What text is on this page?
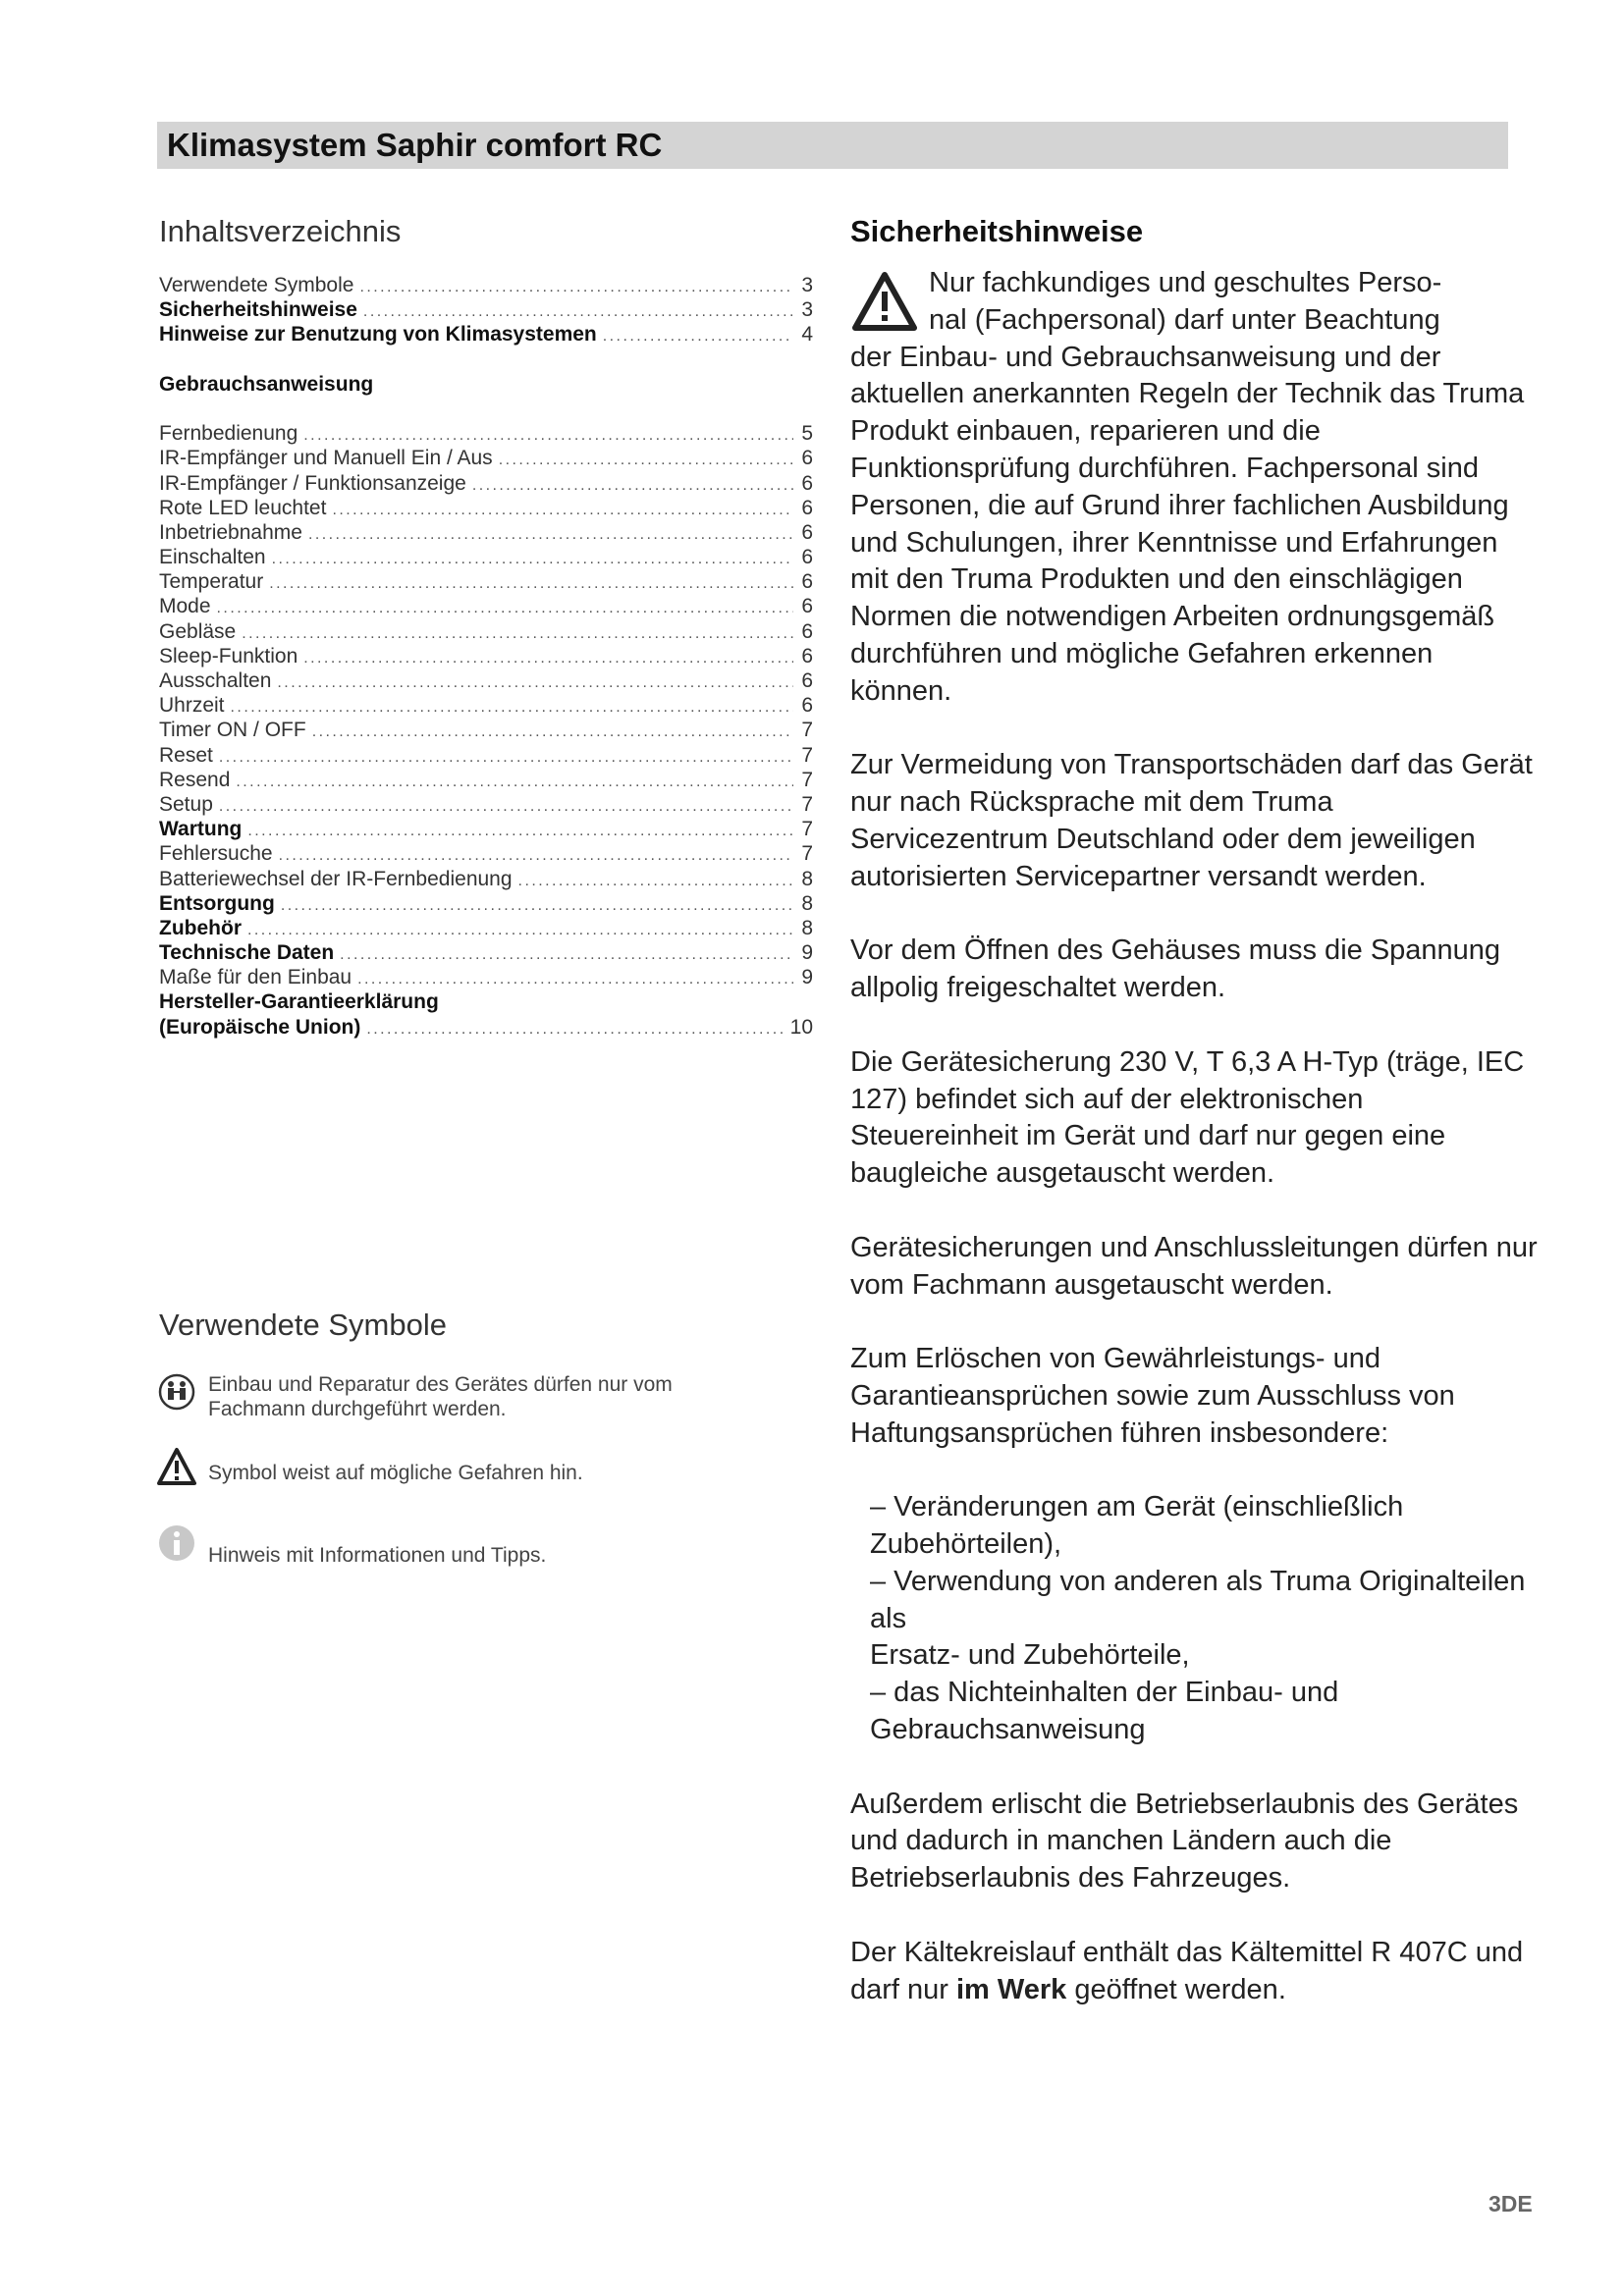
Klimasystem Saphir comfort RC
Inhaltsverzeichnis
Verwendete Symbole . . .	3
Sicherheitshinweise . . .	3
Hinweise zur Benutzung von Klimasystemen . . .	4
Gebrauchsanweisung
Fernbedienung . . .	5
IR-Empfänger und Manuell Ein / Aus . . .	6
IR-Empfänger / Funktionsanzeige . . .	6
Rote LED leuchtet . . .	6
Inbetriebnahme . . .	6
Einschalten . . .	6
Temperatur . . .	6
Mode . . .	6
Gebläse . . .	6
Sleep-Funktion . . .	6
Ausschalten . . .	6
Uhrzeit . . .	6
Timer ON / OFF . . .	7
Reset . . .	7
Resend . . .	7
Setup . . .	7
Wartung . . .	7
Fehlersuche . . .	7
Batteriewechsel der IR-Fernbedienung . . .	8
Entsorgung . . .	8
Zubehör . . .	8
Technische Daten . . .	9
Maße für den Einbau . . .	9
Hersteller-Garantieerklärung
(Europäische Union) . . .	10
Verwendete Symbole
Einbau und Reparatur des Gerätes dürfen nur vom Fachmann durchgeführt werden.
Symbol weist auf mögliche Gefahren hin.
Hinweis mit Informationen und Tipps.
Sicherheitshinweise

Nur fachkundiges und geschultes Perso-
nal (Fachpersonal) darf unter Beachtung
der Einbau- und Gebrauchsanweisung und der aktuellen anerkannten Regeln der Technik das Truma Produkt einbauen, reparieren und die Funktionsprüfung durchführen. Fachpersonal sind Personen, die auf Grund ihrer fachlichen Ausbildung und Schulungen, ihrer Kenntnisse und Erfahrungen mit den Truma Produkten und den einschlägigen Normen die notwendigen Arbeiten ordnungsgemäß durchführen und mögliche Gefahren erkennen können.

Zur Vermeidung von Transportschäden darf das Gerät nur nach Rücksprache mit dem Truma Servicezentrum Deutschland oder dem jeweiligen autorisierten Servicepartner versandt werden.

Vor dem Öffnen des Gehäuses muss die Spannung allpolig freigeschaltet werden.

Die Gerätesicherung 230 V, T 6,3 A H-Typ (träge, IEC 127) befindet sich auf der elektronischen Steuereinheit im Gerät und darf nur gegen eine baugleiche ausgetauscht werden.

Gerätesicherungen und Anschlussleitungen dürfen nur vom Fachmann ausgetauscht werden.

Zum Erlöschen von Gewährleistungs- und Garantieansprüchen sowie zum Ausschluss von Haftungsansprüchen führen insbesondere:

– Veränderungen am Gerät (einschließlich Zubehörteilen),
– Verwendung von anderen als Truma Originalteilen als
Ersatz- und Zubehörteile,
– das Nichteinhalten der Einbau- und Gebrauchsanweisung

Außerdem erlischt die Betriebserlaubnis des Gerätes und dadurch in manchen Ländern auch die Betriebserlaubnis des Fahrzeuges.

Der Kältekreislauf enthält das Kältemittel R 407C und darf nur im Werk geöffnet werden.

3DE
